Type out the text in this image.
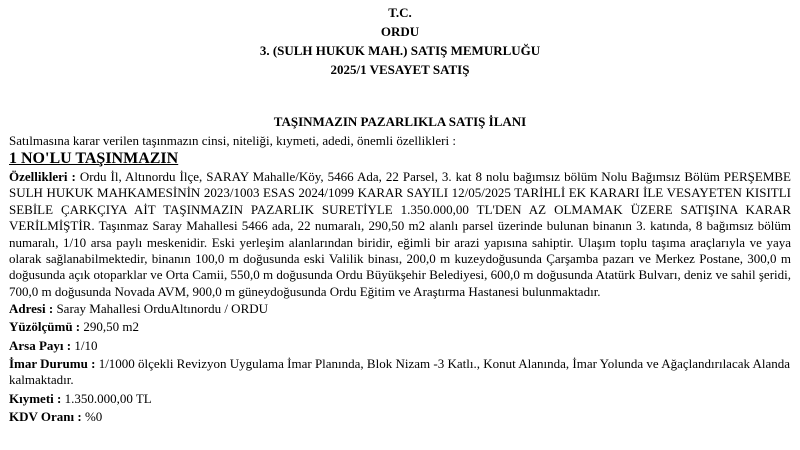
T.C.
ORDU
3. (SULH HUKUK MAH.) SATIŞ MEMURLUĞU
2025/1 VESAYET SATIŞ
TAŞINMAZIN PAZARLIKLA SATIŞ İLANI
Satılmasına karar verilen taşınmazın cinsi, niteliği, kıymeti, adedi, önemli özellikleri :
1 NO'LU TAŞINMAZIN
Özellikleri : Ordu İl, Altınordu İlçe, SARAY Mahalle/Köy, 5466 Ada, 22 Parsel, 3. kat 8 nolu bağımsız bölüm Nolu Bağımsız Bölüm PERŞEMBE SULH HUKUK MAHKAMESİNİN 2023/1003 ESAS 2024/1099 KARAR SAYILI 12/05/2025 TARİHLİ EK KARARI İLE VESAYETEN KISITLI SEBİLE ÇARKÇIYA AİT TAŞINMAZIN PAZARLIK SURETİYLE 1.350.000,00 TL'DEN AZ OLMAMAK ÜZERE SATIŞINA KARAR VERİLMİŞTİR. Taşınmaz Saray Mahallesi 5466 ada, 22 numaralı, 290,50 m2 alanlı parsel üzerinde bulunan binanın 3. katında, 8 bağımsız bölüm numaralı, 1/10 arsa paylı meskenidir. Eski yerleşim alanlarından biridir, eğimli bir arazi yapısına sahiptir. Ulaşım toplu taşıma araçlarıyla ve yaya olarak sağlanabilmektedir, binanın 100,0 m doğusunda eski Valilik binası, 200,0 m kuzeydoğusunda Çarşamba pazarı ve Merkez Postane, 300,0 m doğusunda açık otoparklar ve Orta Camii, 550,0 m doğusunda Ordu Büyükşehir Belediyesi, 600,0 m doğusunda Atatürk Bulvarı, deniz ve sahil şeridi, 700,0 m doğusunda Novada AVM, 900,0 m güneydoğusunda Ordu Eğitim ve Araştırma Hastanesi bulunmaktadır.
Adresi : Saray Mahallesi OrduAltınordu / ORDU
Yüzölçümü : 290,50 m2
Arsa Payı : 1/10
İmar Durumu : 1/1000 ölçekli Revizyon Uygulama İmar Planında, Blok Nizam -3 Katlı., Konut Alanında, İmar Yolunda ve Ağaçlandırılacak Alanda kalmaktadır.
Kıymeti : 1.350.000,00 TL
KDV Oranı : %0
